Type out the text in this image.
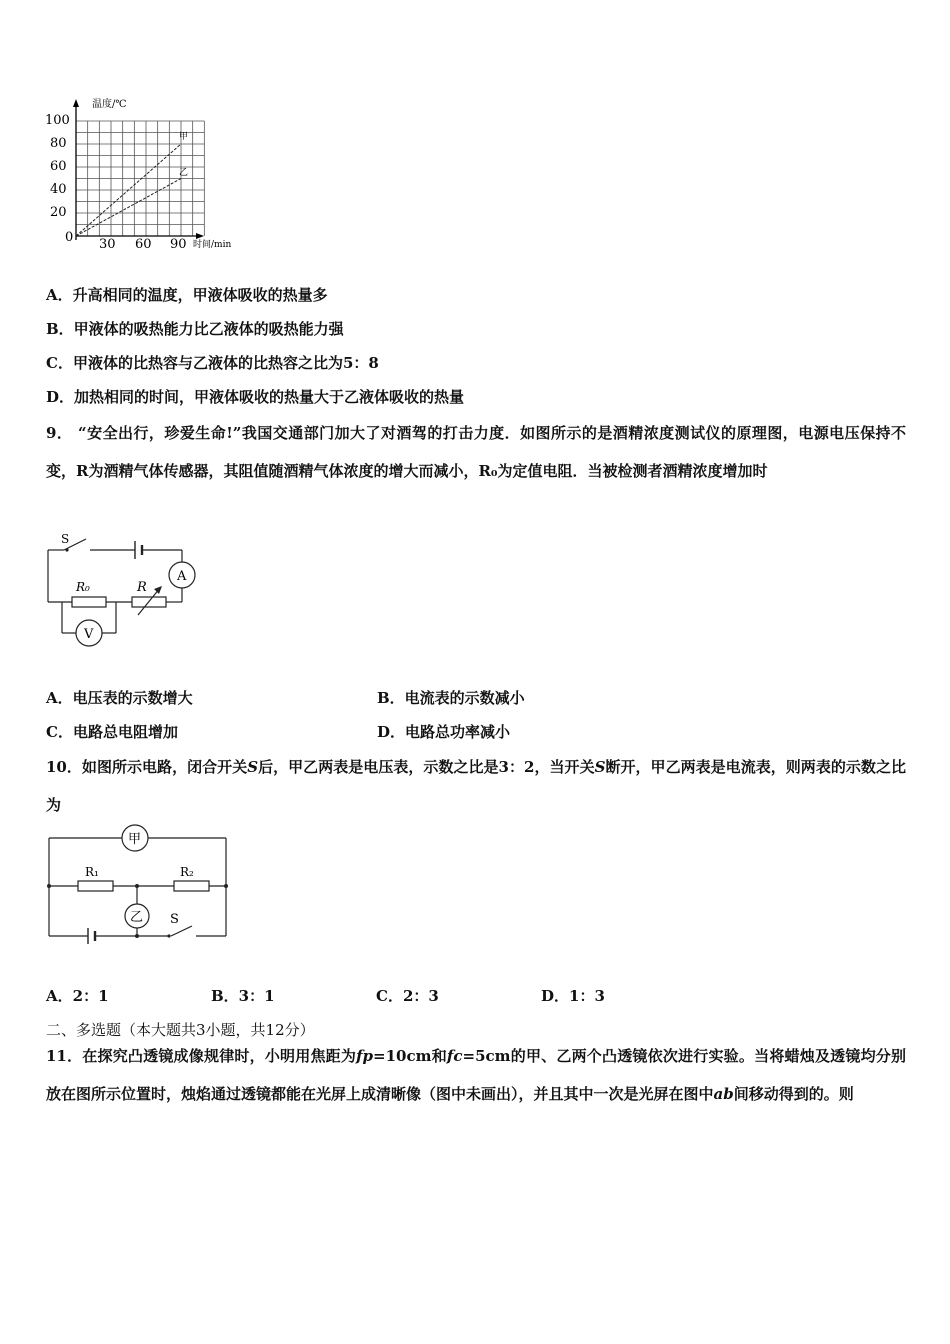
温度/℃
时间/min
100
80
60
40
20
0 30 60 90
甲
乙
A．升高相同的温度，甲液体吸收的热量多
B．甲液体的吸热能力比乙液体的吸热能力强
C．甲液体的比热容与乙液体的比热容之比为5：8
D．加热相同的时间，甲液体吸收的热量大于乙液体吸收的热量
9． “安全出行，珍爱生命!”我国交通部门加大了对酒驾的打击力度．如图所示的是酒精浓度测试仪的原理图，电源电压保持不变，R为酒精气体传感器，其阻值随酒精气体浓度的增大而减小，R₀为定值电阻．当被检测者酒精浓度增加时
S
R₀	R
A
V
A．电压表的示数增大	B．电流表的示数减小
C．电路总电阻增加	D．电路总功率减小
10．如图所示电路，闭合开关S后，甲乙两表是电压表，示数之比是3：2，当开关S断开，甲乙两表是电流表，则两表的示数之比为
甲
乙
R₁	R₂
S
A．2：1	B．3：1	C．2：3	D．1：3
二、多选题（本大题共3小题，共12分）
11．在探究凸透镜成像规律时，小明用焦距为fp=10cm和fc=5cm的甲、乙两个凸透镜依次进行实验。当将蜡烛及透镜均分别放在图所示位置时，烛焰通过透镜都能在光屏上成清晰像（图中未画出），并且其中一次是光屏在图中ab间移动得到的。则
